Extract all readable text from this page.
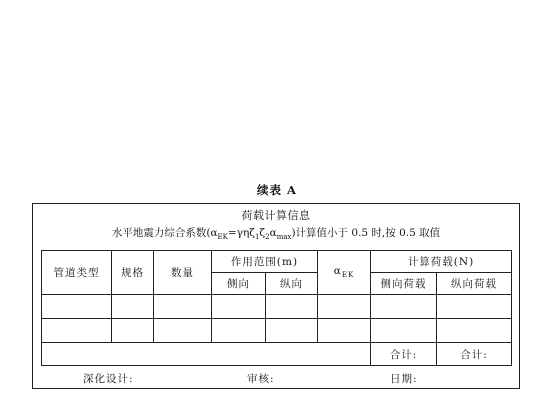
续表 A
荷载计算信息
水平地震力综合系数$(\alpha_{EK}=\gamma\eta\zeta_1\zeta_2\alpha_{max})$计算值小于 0.5 时,按 0.5 取值
管道类型	规格	数量	作用范围(m)		$\alpha_{EK}$	计算荷载(N)	
			侧向	纵向		侧向荷载	纵向荷载

						合计:	合计:
深化设计:	审核:	日期:
